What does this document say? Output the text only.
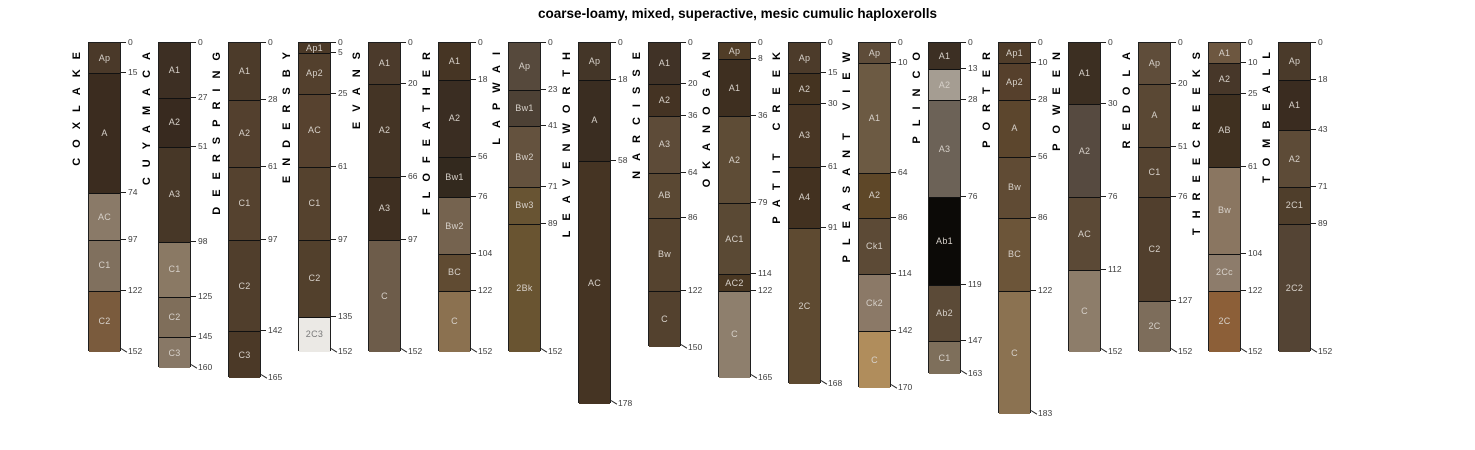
coarse-loamy, mixed, superactive, mesic cumulic haploxerolls
COXLAKE Ap
A
AC
C1
C2
0
15
74
97
122
152
CUYAMACA A1
A2
A3
C1
C2
C3
0
27
51
98
125
145
160
DEERSPRING A1
A2
C1
C2
C3
0
28
61
97
142
165
ENDERSBY Ap1
Ap2
AC
C1
C2
2C3
0
5
25
61
97
135
152
EVANS A1
A2
A3
C
0
20
66
97
152
FLOFEATHER A1
A2
Bw1
Bw2
BC
C
0
18
56
76
104
122
152
LAPWAI Ap
Bw1
Bw2
Bw3
2Bk
0
23
41
71
89
152
LEAVENWORTH Ap
A
AC
0
18
58
178
NARCISSE A1
A2
A3
AB
Bw
C
0
20
36
64
86
122
150
OKANOGAN Ap
A1
A2
AC1
AC2
C
0
8
36
79
114
122
165
PATIT CREEK Ap
A2
A3
A4
2C
0
15
30
61
91
168
PLEASANT VIEW Ap
A1
A2
Ck1
Ck2
C
0
10
64
86
114
142
170
PLINCO A1
A2
A3
Ab1
Ab2
C1
0
13
28
76
119
147
163
PORTER Ap1
Ap2
A
Bw
BC
C
0
10
28
56
86
122
183
POWEEN A1
A2
AC
C
0
30
76
112
152
REDOLA Ap
A
C1
C2
2C
0
20
51
76
127
152
THREECREEKS A1
A2
AB
Bw
2Cc
2C
0
10
25
61
104
122
152
TOMBEALL Ap
A1
A2
2C1
2C2
0
18
43
71
89
152
